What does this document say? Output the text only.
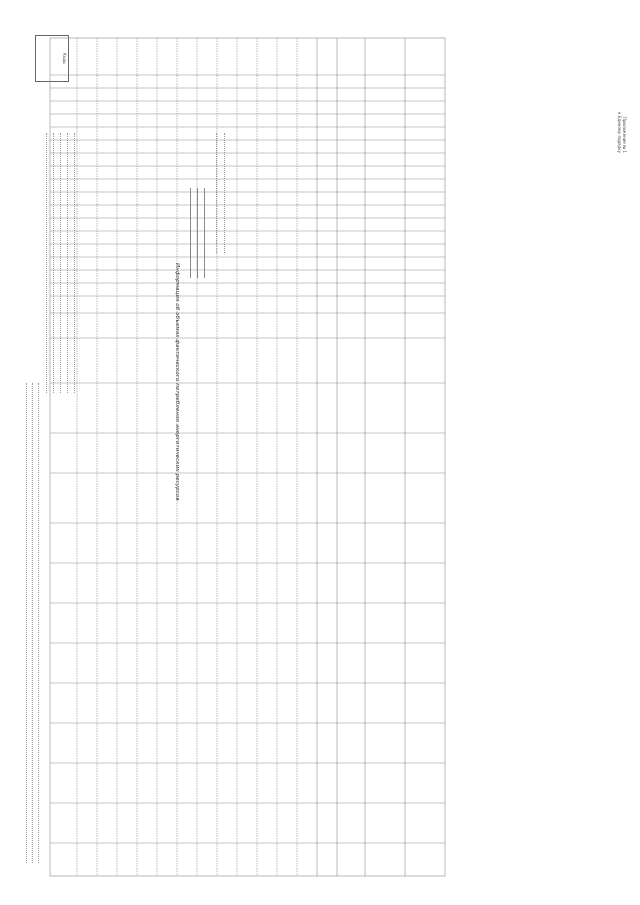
Приложение № 1
к Единому порядку
Информация об объемах фактического потребления энергетических ресурсов
Коды
